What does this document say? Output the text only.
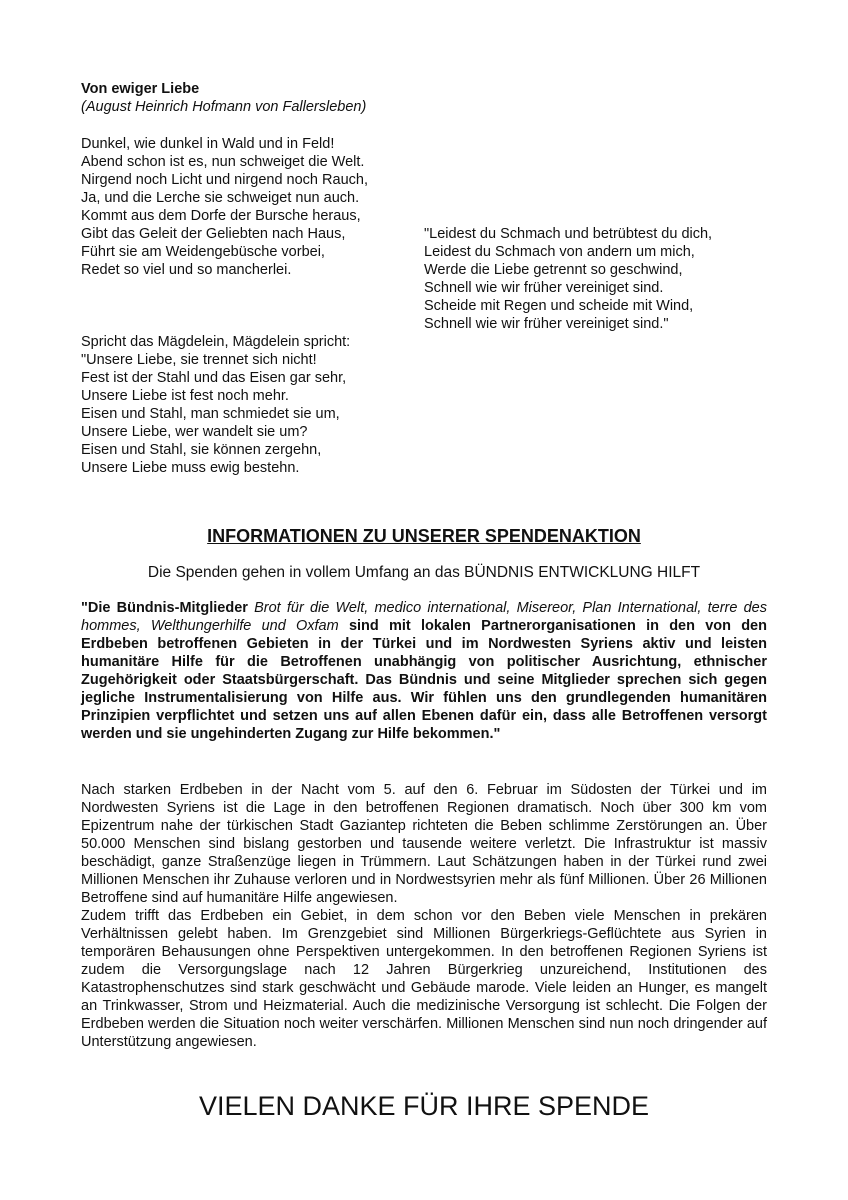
Von ewiger Liebe
(August Heinrich Hofmann von Fallersleben)
Dunkel, wie dunkel in Wald und in Feld!
Abend schon ist es, nun schweiget die Welt.
Nirgend noch Licht und nirgend noch Rauch,
Ja, und die Lerche sie schweiget nun auch.
Kommt aus dem Dorfe der Bursche heraus,
Gibt das Geleit der Geliebten nach Haus,
Führt sie am Weidengebüsche vorbei,
Redet so viel und so mancherlei.
"Leidest du Schmach und betrübtest du dich,
Leidest du Schmach von andern um mich,
Werde die Liebe getrennt so geschwind,
Schnell wie wir früher vereiniget sind.
Scheide mit Regen und scheide mit Wind,
Schnell wie wir früher vereiniget sind."
Spricht das Mägdelein, Mägdelein spricht:
"Unsere Liebe, sie trennet sich nicht!
Fest ist der Stahl und das Eisen gar sehr,
Unsere Liebe ist fest noch mehr.
Eisen und Stahl, man schmiedet sie um,
Unsere Liebe, wer wandelt sie um?
Eisen und Stahl, sie können zergehn,
Unsere Liebe muss ewig bestehn.
INFORMATIONEN ZU UNSERER SPENDENAKTION
Die Spenden gehen in vollem Umfang an das BÜNDNIS ENTWICKLUNG HILFT

"Die Bündnis-Mitglieder Brot für die Welt, medico international, Misereor, Plan International, terre des hommes, Welthungerhilfe und Oxfam sind mit lokalen Partnerorganisationen in den von den Erdbeben betroffenen Gebieten in der Türkei und im Nordwesten Syriens aktiv und leisten humanitäre Hilfe für die Betroffenen unabhängig von politischer Ausrichtung, ethnischer Zugehörigkeit oder Staatsbürgerschaft. Das Bündnis und seine Mitglieder sprechen sich gegen jegliche Instrumentalisierung von Hilfe aus. Wir fühlen uns den grundlegenden humanitären Prinzipien verpflichtet und setzen uns auf allen Ebenen dafür ein, dass alle Betroffenen versorgt werden und sie ungehinderten Zugang zur Hilfe bekommen."

Nach starken Erdbeben in der Nacht vom 5. auf den 6. Februar im Südosten der Türkei und im Nordwesten Syriens ist die Lage in den betroffenen Regionen dramatisch. Noch über 300 km vom Epizentrum nahe der türkischen Stadt Gaziantep richteten die Beben schlimme Zerstörungen an. Über 50.000 Menschen sind bislang gestorben und tausende weitere verletzt. Die Infrastruktur ist massiv beschädigt, ganze Straßenzüge liegen in Trümmern. Laut Schätzungen haben in der Türkei rund zwei Millionen Menschen ihr Zuhause verloren und in Nordwestsyrien mehr als fünf Millionen. Über 26 Millionen Betroffene sind auf humanitäre Hilfe angewiesen.

Zudem trifft das Erdbeben ein Gebiet, in dem schon vor den Beben viele Menschen in prekären Verhältnissen gelebt haben. Im Grenzgebiet sind Millionen Bürgerkriegs-Geflüchtete aus Syrien in temporären Behausungen ohne Perspektiven untergekommen. In den betroffenen Regionen Syriens ist zudem die Versorgungslage nach 12 Jahren Bürgerkrieg unzureichend, Institutionen des Katastrophenschutzes sind stark geschwächt und Gebäude marode. Viele leiden an Hunger, es mangelt an Trinkwasser, Strom und Heizmaterial. Auch die medizinische Versorgung ist schlecht. Die Folgen der Erdbeben werden die Situation noch weiter verschärfen. Millionen Menschen sind nun noch dringender auf Unterstützung angewiesen.

VIELEN DANKE FÜR IHRE SPENDE
